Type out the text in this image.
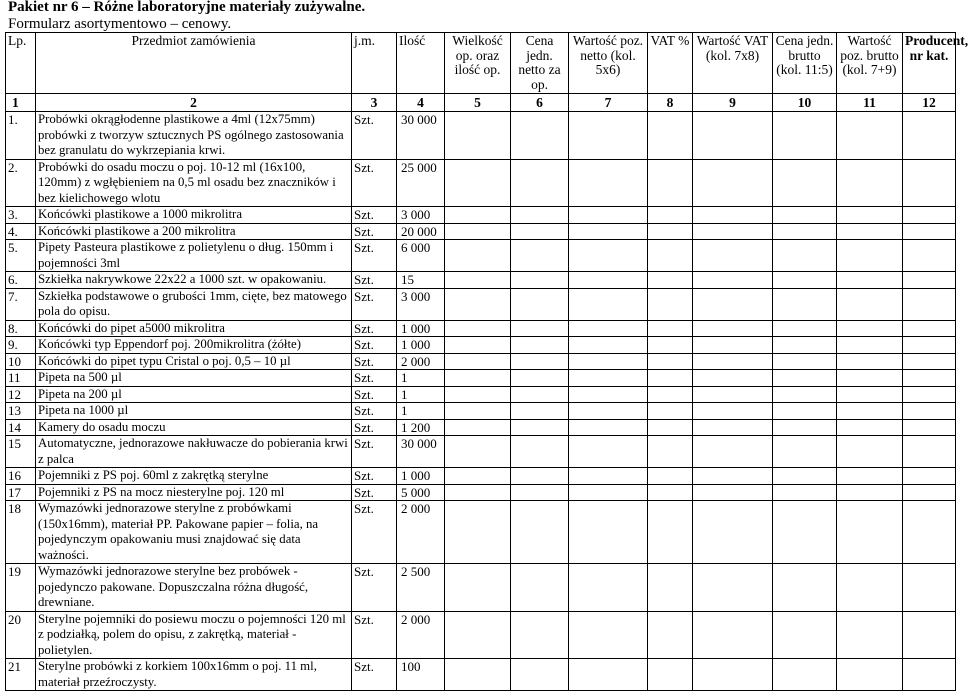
Pakiet nr 6 – Różne laboratoryjne materiały zużywalne.
Formularz asortymentowo – cenowy.
Lp.	Przedmiot zamówienia	j.m.	Ilość	Wielkość op. oraz ilość op.	Cena jedn. netto za op.	Wartość poz. netto (kol. 5x6)	VAT %	Wartość VAT (kol. 7x8)	Cena jedn. brutto (kol. 11:5)	Wartość poz. brutto (kol. 7+9)	Producent, nr kat.
1	2	3	4	5	6	7	8	9	10	11	12
1.	Probówki okrągłodenne plastikowe a 4ml (12x75mm) probówki z tworzyw sztucznych PS ogólnego zastosowania bez granulatu do wykrzepiania krwi.	Szt.	30 000								
2.	Probówki do osadu moczu o poj. 10-12 ml (16x100, 120mm) z wgłębieniem na 0,5 ml osadu bez znaczników i bez kielichowego wlotu	Szt.	25 000								
3.	Końcówki plastikowe a 1000 mikrolitra	Szt.	3 000								
4.	Końcówki plastikowe a 200 mikrolitra	Szt.	20 000								
5.	Pipety Pasteura plastikowe z polietylenu o dług. 150mm i pojemności 3ml	Szt.	6 000								
6.	Szkiełka nakrywkowe 22x22 a 1000 szt. w opakowaniu.	Szt.	15								
7.	Szkiełka podstawowe o grubości 1mm, cięte, bez matowego pola do opisu.	Szt.	3 000								
8.	Końcówki do pipet a5000 mikrolitra	Szt.	1 000								
9.	Końcówki typ Eppendorf poj. 200mikrolitra (żółte)	Szt.	1 000								
10	Końcówki do pipet typu Cristal o poj. 0,5 – 10 µl	Szt.	2 000								
11	Pipeta na 500 µl	Szt.	1								
12	Pipeta na 200 µl	Szt.	1								
13	Pipeta na 1000 µl	Szt.	1								
14	Kamery do osadu moczu	Szt.	1 200								
15	Automatyczne, jednorazowe nakłuwacze do pobierania krwi z palca	Szt.	30 000								
16	Pojemniki z PS poj. 60ml z zakrętką sterylne	Szt.	1 000								
17	Pojemniki z PS na mocz niesterylne poj. 120 ml	Szt.	5 000								
18	Wymazówki jednorazowe sterylne z probówkami (150x16mm), materiał PP. Pakowane papier – folia, na pojedynczym opakowaniu musi znajdować się data ważności.	Szt.	2 000								
19	Wymazówki jednorazowe sterylne bez probówek - pojedynczo pakowane. Dopuszczalna różna długość, drewniane.	Szt.	2 500								
20	Sterylne pojemniki do posiewu moczu o pojemności 120 ml z podziałką, polem do opisu, z zakrętką, materiał - polietylen.	Szt.	2 000								
21	Sterylne probówki z korkiem 100x16mm o poj. 11 ml, materiał przeźroczysty.	Szt.	100								
